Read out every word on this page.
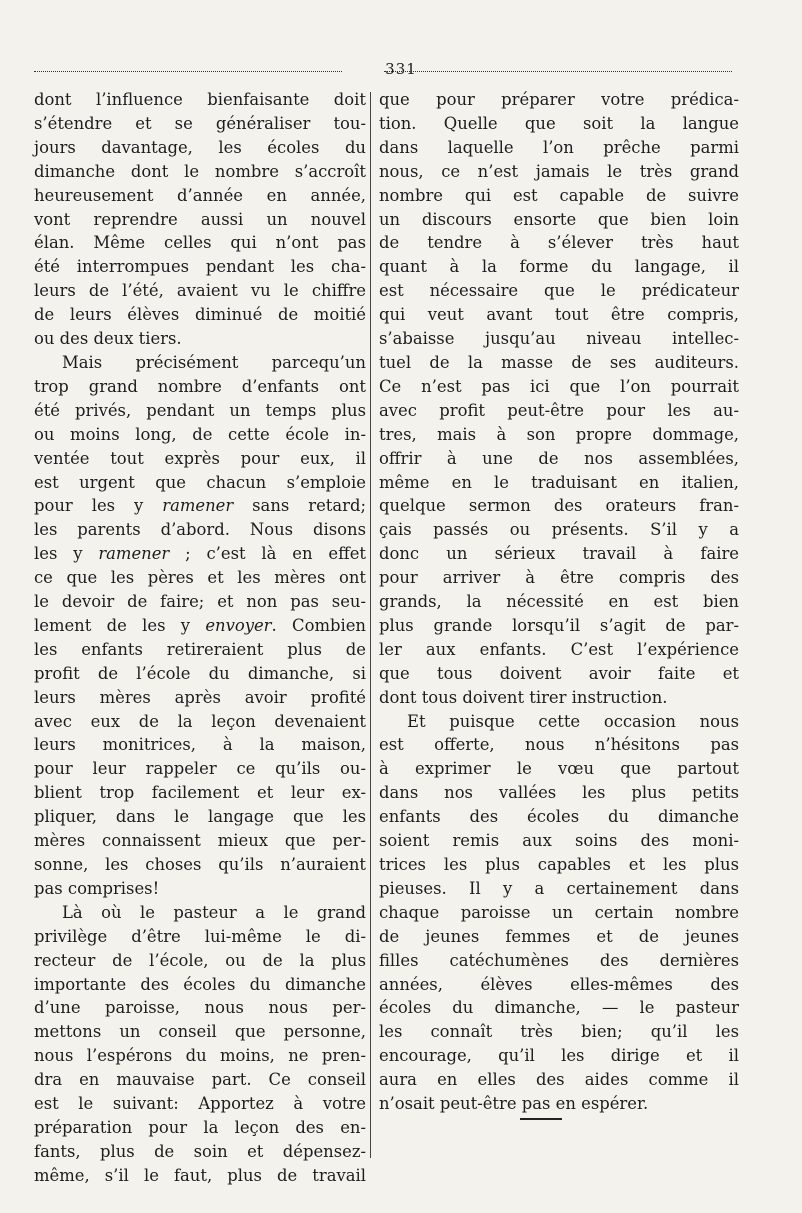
331
dont l’influence bienfaisante doit
s’étendre et se généraliser tou-
jours davantage, les écoles du
dimanche dont le nombre s’accroît
heureusement d’année en année,
vont reprendre aussi un nouvel
élan. Même celles qui n’ont pas
été interrompues pendant les cha-
leurs de l’été, avaient vu le chiffre
de leurs élèves diminué de moitié
ou des deux tiers.
Mais précisément parcequ’un
trop grand nombre d’enfants ont
été privés, pendant un temps plus
ou moins long, de cette école in-
ventée tout exprès pour eux, il
est urgent que chacun s’emploie
pour les y ramener sans retard;
les parents d’abord. Nous disons
les y ramener ; c’est là en effet
ce que les pères et les mères ont
le devoir de faire; et non pas seu-
lement de les y envoyer. Combien
les enfants retireraient plus de
profit de l’école du dimanche, si
leurs mères après avoir profité
avec eux de la leçon devenaient
leurs monitrices, à la maison,
pour leur rappeler ce qu’ils ou-
blient trop facilement et leur ex-
pliquer, dans le langage que les
mères connaissent mieux que per-
sonne, les choses qu’ils n’auraient
pas comprises!
Là où le pasteur a le grand
privilège d’être lui-même le di-
recteur de l’école, ou de la plus
importante des écoles du dimanche
d’une paroisse, nous nous per-
mettons un conseil que personne,
nous l’espérons du moins, ne pren-
dra en mauvaise part. Ce conseil
est le suivant: Apportez à votre
préparation pour la leçon des en-
fants, plus de soin et dépensez-
même, s’il le faut, plus de travail
que pour préparer votre prédica-
tion. Quelle que soit la langue
dans laquelle l’on prêche parmi
nous, ce n’est jamais le très grand
nombre qui est capable de suivre
un discours ensorte que bien loin
de tendre à s’élever très haut
quant à la forme du langage, il
est nécessaire que le prédicateur
qui veut avant tout être compris,
s’abaisse jusqu’au niveau intellec-
tuel de la masse de ses auditeurs.
Ce n’est pas ici que l’on pourrait
avec profit peut-être pour les au-
tres, mais à son propre dommage,
offrir à une de nos assemblées,
même en le traduisant en italien,
quelque sermon des orateurs fran-
çais passés ou présents. S’il y a
donc un sérieux travail à faire
pour arriver à être compris des
grands, la nécessité en est bien
plus grande lorsqu’il s’agit de par-
ler aux enfants. C’est l’expérience
que tous doivent avoir faite et
dont tous doivent tirer instruction.
Et puisque cette occasion nous
est offerte, nous n’hésitons pas
à exprimer le vœu que partout
dans nos vallées les plus petits
enfants des écoles du dimanche
soient remis aux soins des moni-
trices les plus capables et les plus
pieuses. Il y a certainement dans
chaque paroisse un certain nombre
de jeunes femmes et de jeunes
filles catéchumènes des dernières
années, élèves elles-mêmes des
écoles du dimanche, — le pasteur
les connaît très bien; qu’il les
encourage, qu’il les dirige et il
aura en elles des aides comme il
n’osait peut-être pas en espérer.
